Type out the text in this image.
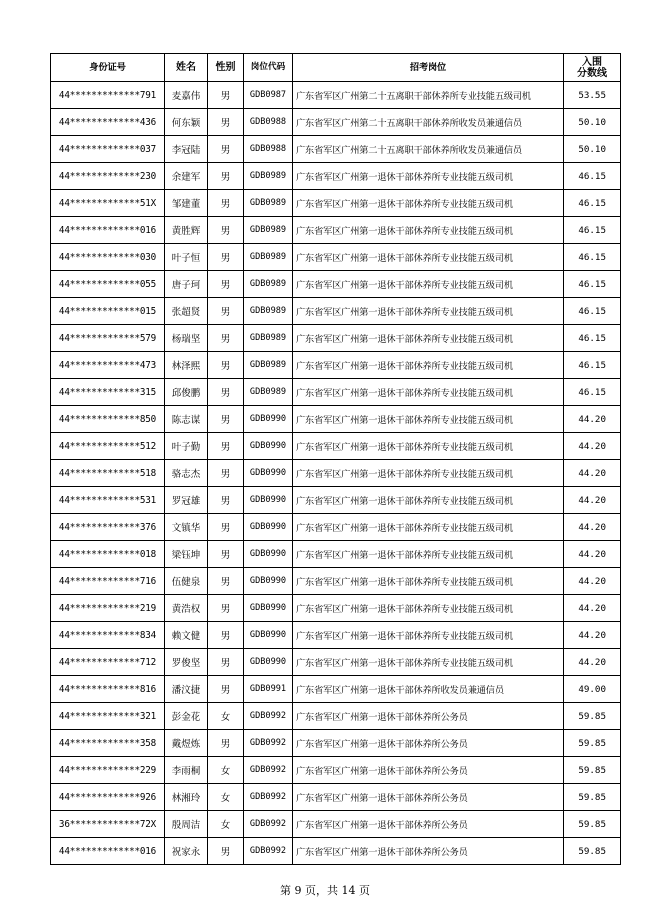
身份证号	姓名	性别	岗位代码	招考岗位	入围
分数线
44*************791	麦嘉伟	男	GDB0987	广东省军区广州第二十五离职干部休养所专业技能五级司机	53.55
44*************436	何东颖	男	GDB0988	广东省军区广州第二十五离职干部休养所收发员兼通信员	50.10
44*************037	李冠陆	男	GDB0988	广东省军区广州第二十五离职干部休养所收发员兼通信员	50.10
44*************230	余建军	男	GDB0989	广东省军区广州第一退休干部休养所专业技能五级司机	46.15
44*************51X	邹建董	男	GDB0989	广东省军区广州第一退休干部休养所专业技能五级司机	46.15
44*************016	黄胜辉	男	GDB0989	广东省军区广州第一退休干部休养所专业技能五级司机	46.15
44*************030	叶子恒	男	GDB0989	广东省军区广州第一退休干部休养所专业技能五级司机	46.15
44*************055	唐子珂	男	GDB0989	广东省军区广州第一退休干部休养所专业技能五级司机	46.15
44*************015	张超贤	男	GDB0989	广东省军区广州第一退休干部休养所专业技能五级司机	46.15
44*************579	杨瑞坚	男	GDB0989	广东省军区广州第一退休干部休养所专业技能五级司机	46.15
44*************473	林泽熙	男	GDB0989	广东省军区广州第一退休干部休养所专业技能五级司机	46.15
44*************315	邱俊鹏	男	GDB0989	广东省军区广州第一退休干部休养所专业技能五级司机	46.15
44*************850	陈志谋	男	GDB0990	广东省军区广州第一退休干部休养所专业技能五级司机	44.20
44*************512	叶子勤	男	GDB0990	广东省军区广州第一退休干部休养所专业技能五级司机	44.20
44*************518	骆志杰	男	GDB0990	广东省军区广州第一退休干部休养所专业技能五级司机	44.20
44*************531	罗冠雄	男	GDB0990	广东省军区广州第一退休干部休养所专业技能五级司机	44.20
44*************376	文镇华	男	GDB0990	广东省军区广州第一退休干部休养所专业技能五级司机	44.20
44*************018	梁钰坤	男	GDB0990	广东省军区广州第一退休干部休养所专业技能五级司机	44.20
44*************716	伍健泉	男	GDB0990	广东省军区广州第一退休干部休养所专业技能五级司机	44.20
44*************219	黄浩权	男	GDB0990	广东省军区广州第一退休干部休养所专业技能五级司机	44.20
44*************834	赖文健	男	GDB0990	广东省军区广州第一退休干部休养所专业技能五级司机	44.20
44*************712	罗俊坚	男	GDB0990	广东省军区广州第一退休干部休养所专业技能五级司机	44.20
44*************816	潘汶捷	男	GDB0991	广东省军区广州第一退休干部休养所收发员兼通信员	49.00
44*************321	彭金花	女	GDB0992	广东省军区广州第一退休干部休养所公务员	59.85
44*************358	戴煜炼	男	GDB0992	广东省军区广州第一退休干部休养所公务员	59.85
44*************229	李雨桐	女	GDB0992	广东省军区广州第一退休干部休养所公务员	59.85
44*************926	林湘玲	女	GDB0992	广东省军区广州第一退休干部休养所公务员	59.85
36*************72X	殷周洁	女	GDB0992	广东省军区广州第一退休干部休养所公务员	59.85
44*************016	祝家永	男	GDB0992	广东省军区广州第一退休干部休养所公务员	59.85
第 9 页，共 14 页
